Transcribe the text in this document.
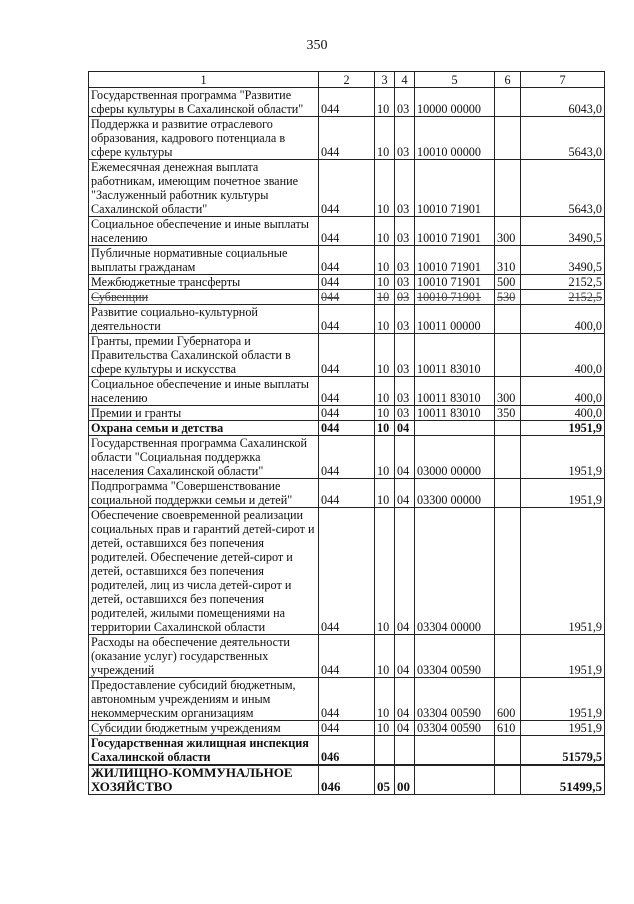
350
1	2	3	4	5	6	7
Государственная программа "Развитие сферы культуры в Сахалинской области"	044	10	03	10000 00000		6043,0
Поддержка и развитие отраслевого образования, кадрового потенциала в сфере культуры	044	10	03	10010 00000		5643,0
Ежемесячная денежная выплата работникам, имеющим почетное звание "Заслуженный работник культуры Сахалинской области"	044	10	03	10010 71901		5643,0
Социальное обеспечение и иные выплаты населению	044	10	03	10010 71901	300	3490,5
Публичные нормативные социальные выплаты гражданам	044	10	03	10010 71901	310	3490,5
Межбюджетные трансферты	044	10	03	10010 71901	500	2152,5
Субвенции	044	10	03	10010 71901	530	2152,5
Развитие социально-культурной деятельности	044	10	03	10011 00000		400,0
Гранты, премии Губернатора и Правительства Сахалинской области в сфере культуры и искусства	044	10	03	10011 83010		400,0
Социальное обеспечение и иные выплаты населению	044	10	03	10011 83010	300	400,0
Премии и гранты	044	10	03	10011 83010	350	400,0
Охрана семьи и детства	044	10	04			1951,9
Государственная программа Сахалинской области "Социальная поддержка населения Сахалинской области"	044	10	04	03000 00000		1951,9
Подпрограмма "Совершенствование социальной поддержки семьи и детей"	044	10	04	03300 00000		1951,9
Обеспечение своевременной реализации социальных прав и гарантий детей-сирот и детей, оставшихся без попечения родителей. Обеспечение детей-сирот и детей, оставшихся без попечения родителей, лиц из числа детей-сирот и детей, оставшихся без попечения родителей, жилыми помещениями на территории Сахалинской области	044	10	04	03304 00000		1951,9
Расходы на обеспечение деятельности (оказание услуг) государственных учреждений	044	10	04	03304 00590		1951,9
Предоставление субсидий бюджетным, автономным учреждениям и иным некоммерческим организациям	044	10	04	03304 00590	600	1951,9
Субсидии бюджетным учреждениям	044	10	04	03304 00590	610	1951,9
Государственная жилищная инспекция Сахалинской области	046					51579,5
ЖИЛИЩНО-КОММУНАЛЬНОЕ ХОЗЯЙСТВО	046	05	00			51499,5
